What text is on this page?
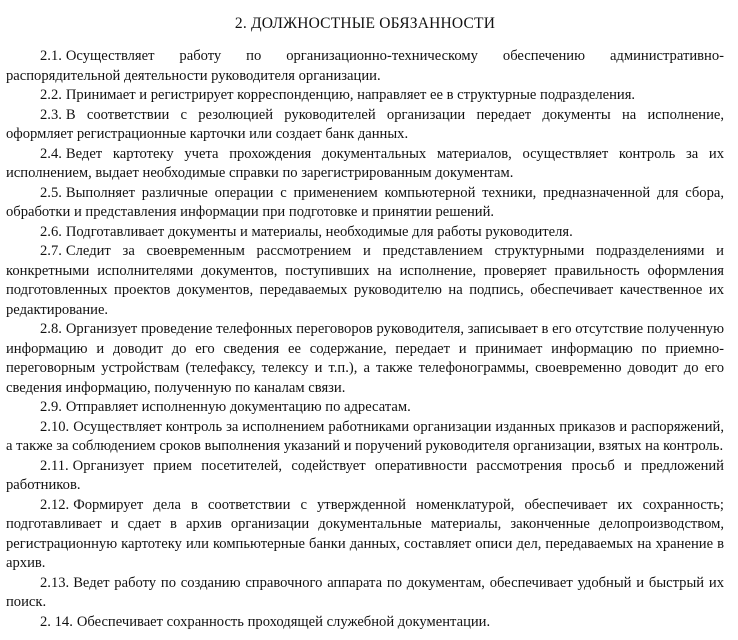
2. ДОЛЖНОСТНЫЕ ОБЯЗАННОСТИ

2.1. Осуществляет работу по организационно-техническому обеспечению административно-распорядительной деятельности руководителя организации.

2.2. Принимает и регистрирует корреспонденцию, направляет ее в структурные подразделения.

2.3. В соответствии с резолюцией руководителей организации передает документы на исполнение, оформляет регистрационные карточки или создает банк данных.

2.4. Ведет картотеку учета прохождения документальных материалов, осуществляет контроль за их исполнением, выдает необходимые справки по зарегистрированным документам.

2.5. Выполняет различные операции с применением компьютерной техники, предназначенной для сбора, обработки и представления информации при подготовке и принятии решений.

2.6. Подготавливает документы и материалы, необходимые для работы руководителя.

2.7. Следит за своевременным рассмотрением и представлением структурными подразделениями и конкретными исполнителями документов, поступивших на исполнение, проверяет правильность оформления подготовленных проектов документов, передаваемых руководителю на подпись, обеспечивает качественное их редактирование.

2.8. Организует проведение телефонных переговоров руководителя, записывает в его отсутствие полученную информацию и доводит до его сведения ее содержание, передает и принимает информацию по приемно-переговорным устройствам (телефаксу, телексу и т.п.), а также телефонограммы, своевременно доводит до его сведения информацию, полученную по каналам связи.

2.9. Отправляет исполненную документацию по адресатам.

2.10. Осуществляет контроль за исполнением работниками организации изданных приказов и распоряжений, а также за соблюдением сроков выполнения указаний и поручений руководителя организации, взятых на контроль.

2.11. Организует прием посетителей, содействует оперативности рассмотрения просьб и предложений работников.

2.12. Формирует дела в соответствии с утвержденной номенклатурой, обеспечивает их сохранность; подготавливает и сдает в архив организации документальные материалы, законченные делопроизводством, регистрационную картотеку или компьютерные банки данных, составляет описи дел, передаваемых на хранение в архив.

2.13. Ведет работу по созданию справочного аппарата по документам, обеспечивает удобный и быстрый их поиск.

2. 14. Обеспечивает сохранность проходящей служебной документации.
